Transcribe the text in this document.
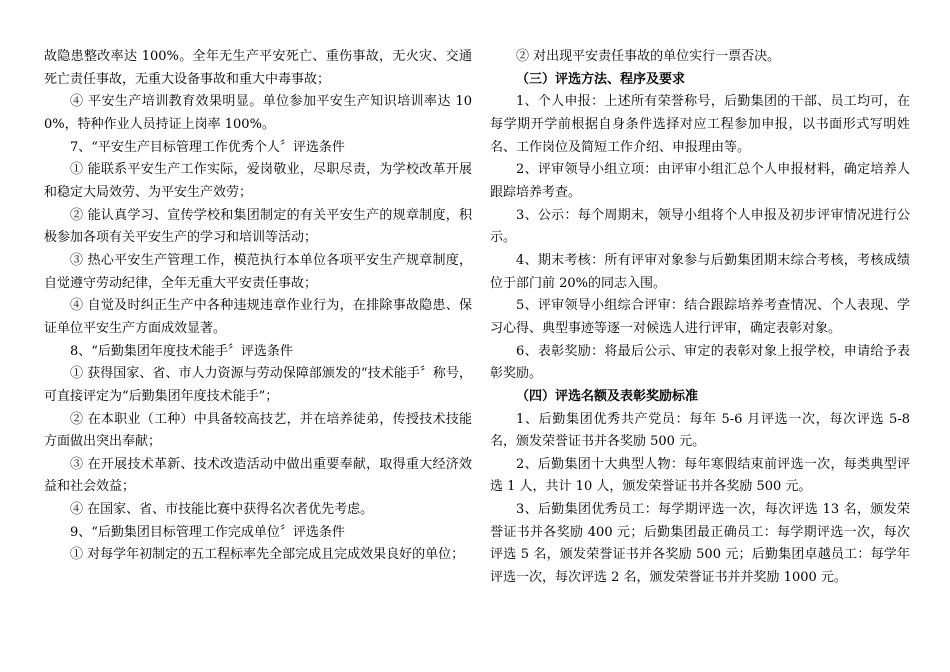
故隐患整改率达 100%。全年无生产平安死亡、重伤事故，无火灾、交通死亡责任事故，无重大设备事故和重大中毒事故；

④ 平安生产培训教育效果明显。单位参加平安生产知识培训率达 100%，特种作业人员持证上岗率 100%。

7、“平安生产目标管理工作优秀个人〞评选条件

① 能联系平安生产工作实际，爱岗敬业，尽职尽责，为学校改革开展和稳定大局效劳、为平安生产效劳；

② 能认真学习、宣传学校和集团制定的有关平安生产的规章制度，积极参加各项有关平安生产的学习和培训等活动；

③ 热心平安生产管理工作，模范执行本单位各项平安生产规章制度，自觉遵守劳动纪律，全年无重大平安责任事故；

④ 自觉及时纠正生产中各种违规违章作业行为，在排除事故隐患、保证单位平安生产方面成效显著。

8、“后勤集团年度技术能手〞评选条件

① 获得国家、省、市人力资源与劳动保障部颁发的“技术能手〞称号，可直接评定为“后勤集团年度技术能手”；

② 在本职业（工种）中具备较高技艺，并在培养徒弟，传授技术技能方面做出突出奉献；

③ 在开展技术革新、技术改造活动中做出重要奉献，取得重大经济效益和社会效益；

④ 在国家、省、市技能比赛中获得名次者优先考虑。

9、“后勤集团目标管理工作完成单位〞评选条件

① 对每学年初制定的五工程标率先全部完成且完成效果良好的单位；

② 对出现平安责任事故的单位实行一票否决。

（三）评选方法、程序及要求

1、个人申报：上述所有荣誉称号，后勤集团的干部、员工均可，在每学期开学前根据自身条件选择对应工程参加申报，以书面形式写明姓名、工作岗位及简短工作介绍、申报理由等。

2、评审领导小组立项：由评审小组汇总个人申报材料，确定培养人跟踪培养考查。

3、公示：每个周期末，领导小组将个人申报及初步评审情况进行公示。

4、期末考核：所有评审对象参与后勤集团期末综合考核，考核成绩位于部门前 20%的同志入围。

5、评审领导小组综合评审：结合跟踪培养考查情况、个人表现、学习心得、典型事迹等逐一对候选人进行评审，确定表彰对象。

6、表彰奖励：将最后公示、审定的表彰对象上报学校，申请给予表彰奖励。

（四）评选名额及表彰奖励标准

1、后勤集团优秀共产党员：每年 5-6 月评选一次，每次评选 5-8 名，颁发荣誉证书并各奖励 500 元。

2、后勤集团十大典型人物：每年寒假结束前评选一次，每类典型评选 1 人，共计 10 人，颁发荣誉证书并各奖励 500 元。

3、后勤集团优秀员工：每学期评选一次，每次评选 13 名，颁发荣誉证书并各奖励 400 元；后勤集团最正确员工：每学期评选一次，每次评选 5 名，颁发荣誉证书并各奖励 500 元；后勤集团卓越员工：每学年评选一次，每次评选 2 名，颁发荣誉证书并并奖励 1000 元。
